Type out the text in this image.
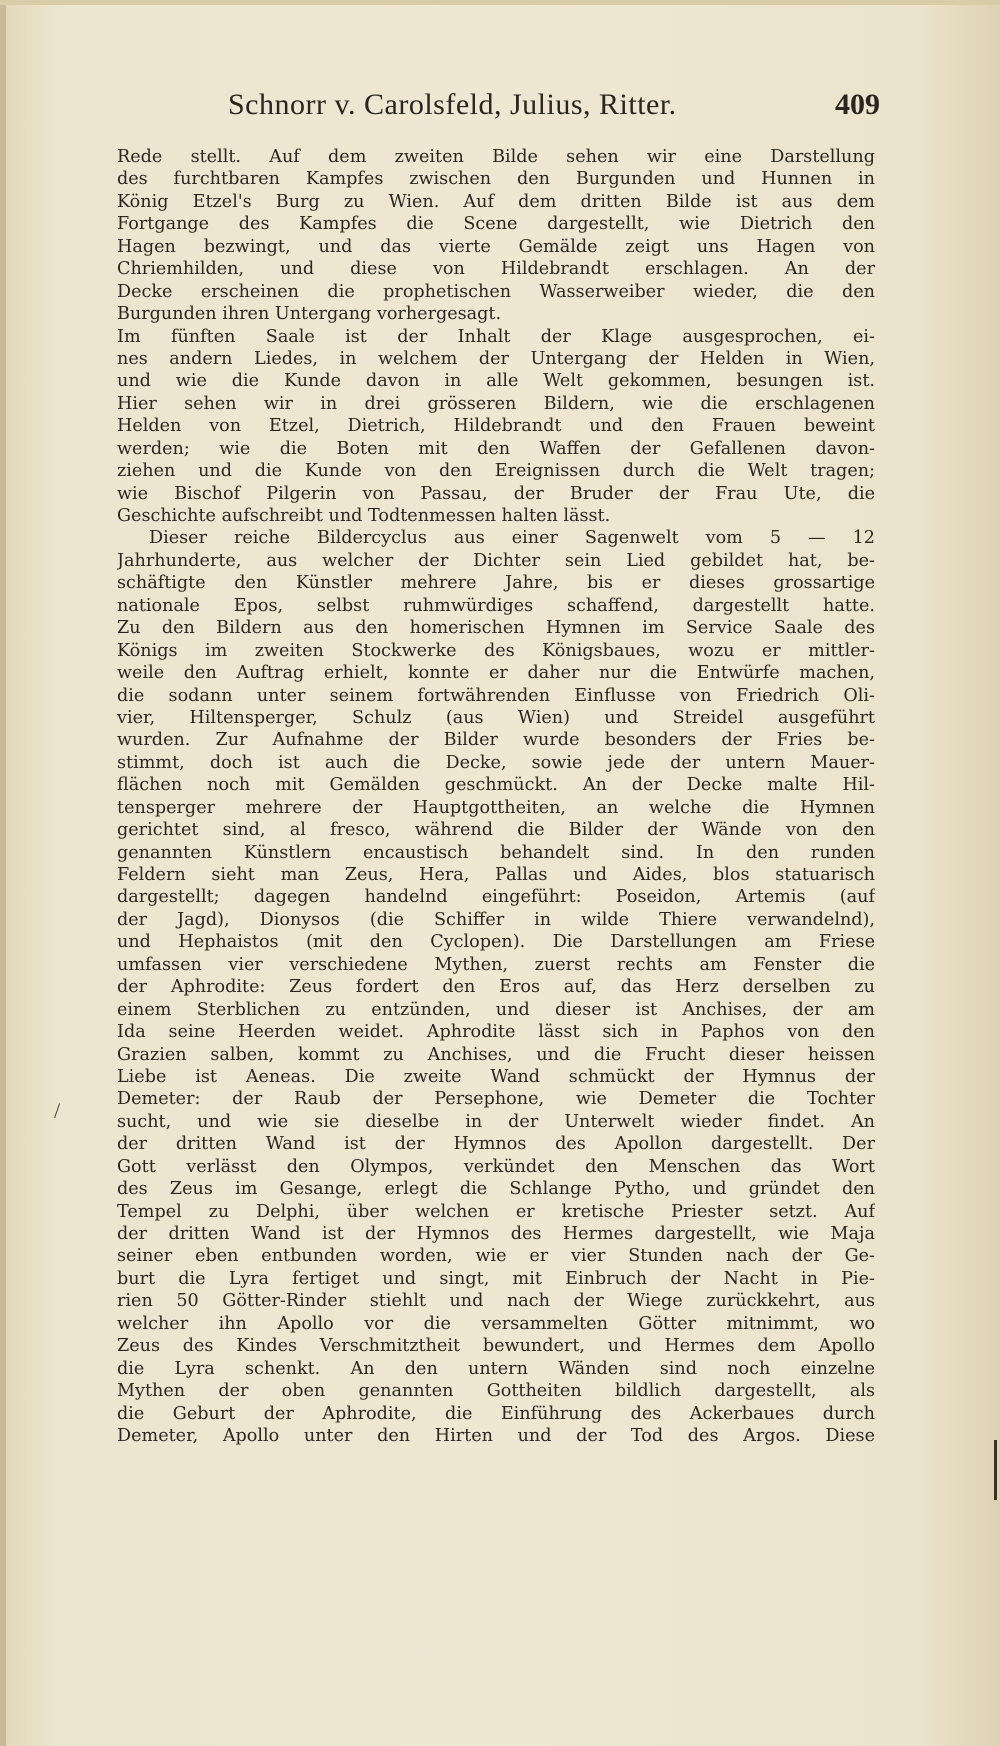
Schnorr v. Carolsfeld, Julius, Ritter.	409
Rede stellt. Auf dem zweiten Bilde sehen wir eine Darstellung
des furchtbaren Kampfes zwischen den Burgunden und Hunnen in
König Etzel's Burg zu Wien. Auf dem dritten Bilde ist aus dem
Fortgange des Kampfes die Scene dargestellt, wie Dietrich den
Hagen bezwingt, und das vierte Gemälde zeigt uns Hagen von
Chriemhilden, und diese von Hildebrandt erschlagen. An der
Decke erscheinen die prophetischen Wasserweiber wieder, die den
Burgunden ihren Untergang vorhergesagt.
Im fünften Saale ist der Inhalt der Klage ausgesprochen, ei-
nes andern Liedes, in welchem der Untergang der Helden in Wien,
und wie die Kunde davon in alle Welt gekommen, besungen ist.
Hier sehen wir in drei grösseren Bildern, wie die erschlagenen
Helden von Etzel, Dietrich, Hildebrandt und den Frauen beweint
werden; wie die Boten mit den Waffen der Gefallenen davon-
ziehen und die Kunde von den Ereignissen durch die Welt tragen;
wie Bischof Pilgerin von Passau, der Bruder der Frau Ute, die
Geschichte aufschreibt und Todtenmessen halten lässt.
Dieser reiche Bildercyclus aus einer Sagenwelt vom 5 — 12
Jahrhunderte, aus welcher der Dichter sein Lied gebildet hat, be-
schäftigte den Künstler mehrere Jahre, bis er dieses grossartige
nationale Epos, selbst ruhmwürdiges schaffend, dargestellt hatte.
Zu den Bildern aus den homerischen Hymnen im Service Saale des
Königs im zweiten Stockwerke des Königsbaues, wozu er mittler-
weile den Auftrag erhielt, konnte er daher nur die Entwürfe machen,
die sodann unter seinem fortwährenden Einflusse von Friedrich Oli-
vier, Hiltensperger, Schulz (aus Wien) und Streidel ausgeführt
wurden. Zur Aufnahme der Bilder wurde besonders der Fries be-
stimmt, doch ist auch die Decke, sowie jede der untern Mauer-
flächen noch mit Gemälden geschmückt. An der Decke malte Hil-
tensperger mehrere der Hauptgottheiten, an welche die Hymnen
gerichtet sind, al fresco, während die Bilder der Wände von den
genannten Künstlern encaustisch behandelt sind. In den runden
Feldern sieht man Zeus, Hera, Pallas und Aides, blos statuarisch
dargestellt; dagegen handelnd eingeführt: Poseidon, Artemis (auf
der Jagd), Dionysos (die Schiffer in wilde Thiere verwandelnd),
und Hephaistos (mit den Cyclopen). Die Darstellungen am Friese
umfassen vier verschiedene Mythen, zuerst rechts am Fenster die
der Aphrodite: Zeus fordert den Eros auf, das Herz derselben zu
einem Sterblichen zu entzünden, und dieser ist Anchises, der am
Ida seine Heerden weidet. Aphrodite lässt sich in Paphos von den
Grazien salben, kommt zu Anchises, und die Frucht dieser heissen
Liebe ist Aeneas. Die zweite Wand schmückt der Hymnus der
Demeter: der Raub der Persephone, wie Demeter die Tochter
sucht, und wie sie dieselbe in der Unterwelt wieder findet. An
der dritten Wand ist der Hymnos des Apollon dargestellt. Der
Gott verlässt den Olympos, verkündet den Menschen das Wort
des Zeus im Gesange, erlegt die Schlange Pytho, und gründet den
Tempel zu Delphi, über welchen er kretische Priester setzt. Auf
der dritten Wand ist der Hymnos des Hermes dargestellt, wie Maja
seiner eben entbunden worden, wie er vier Stunden nach der Ge-
burt die Lyra fertiget und singt, mit Einbruch der Nacht in Pie-
rien 50 Götter-Rinder stiehlt und nach der Wiege zurückkehrt, aus
welcher ihn Apollo vor die versammelten Götter mitnimmt, wo
Zeus des Kindes Verschmitztheit bewundert, und Hermes dem Apollo
die Lyra schenkt. An den untern Wänden sind noch einzelne
Mythen der oben genannten Gottheiten bildlich dargestellt, als
die Geburt der Aphrodite, die Einführung des Ackerbaues durch
Demeter, Apollo unter den Hirten und der Tod des Argos. Diese
/
